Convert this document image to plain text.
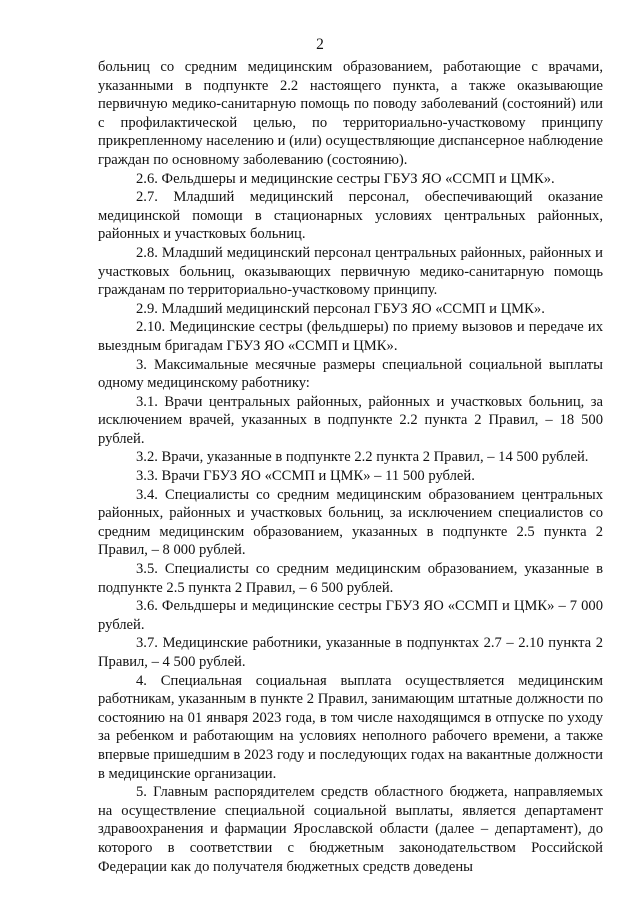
2

больниц со средним медицинским образованием, работающие с врачами, указанными в подпункте 2.2 настоящего пункта, а также оказывающие первичную медико-санитарную помощь по поводу заболеваний (состояний) или с профилактической целью, по территориально-участковому принципу прикрепленному населению и (или) осуществляющие диспансерное наблюдение граждан по основному заболеванию (состоянию).

2.6. Фельдшеры и медицинские сестры ГБУЗ ЯО «ССМП и ЦМК».

2.7. Младший медицинский персонал, обеспечивающий оказание медицинской помощи в стационарных условиях центральных районных, районных и участковых больниц.

2.8. Младший медицинский персонал центральных районных, районных и участковых больниц, оказывающих первичную медико-санитарную помощь гражданам по территориально-участковому принципу.

2.9. Младший медицинский персонал ГБУЗ ЯО «ССМП и ЦМК».

2.10. Медицинские сестры (фельдшеры) по приему вызовов и передаче их выездным бригадам ГБУЗ ЯО «ССМП и ЦМК».

3. Максимальные месячные размеры специальной социальной выплаты одному медицинскому работнику:

3.1. Врачи центральных районных, районных и участковых больниц, за исключением врачей, указанных в подпункте 2.2 пункта 2 Правил, – 18 500 рублей.

3.2. Врачи, указанные в подпункте 2.2 пункта 2 Правил, – 14 500 рублей.

3.3. Врачи ГБУЗ ЯО «ССМП и ЦМК» – 11 500 рублей.

3.4. Специалисты со средним медицинским образованием центральных районных, районных и участковых больниц, за исключением специалистов со средним медицинским образованием, указанных в подпункте 2.5 пункта 2 Правил, – 8 000 рублей.

3.5. Специалисты со средним медицинским образованием, указанные в подпункте 2.5 пункта 2 Правил, – 6 500 рублей.

3.6. Фельдшеры и медицинские сестры ГБУЗ ЯО «ССМП и ЦМК» – 7 000 рублей.

3.7. Медицинские работники, указанные в подпунктах 2.7 – 2.10 пункта 2 Правил, – 4 500 рублей.

4. Специальная социальная выплата осуществляется медицинским работникам, указанным в пункте 2 Правил, занимающим штатные должности по состоянию на 01 января 2023 года, в том числе находящимся в отпуске по уходу за ребенком и работающим на условиях неполного рабочего времени, а также впервые пришедшим в 2023 году и последующих годах на вакантные должности в медицинские организации.

5. Главным распорядителем средств областного бюджета, направляемых на осуществление специальной социальной выплаты, является департамент здравоохранения и фармации Ярославской области (далее – департамент), до которого в соответствии с бюджетным законодательством Российской Федерации как до получателя бюджетных средств доведены
